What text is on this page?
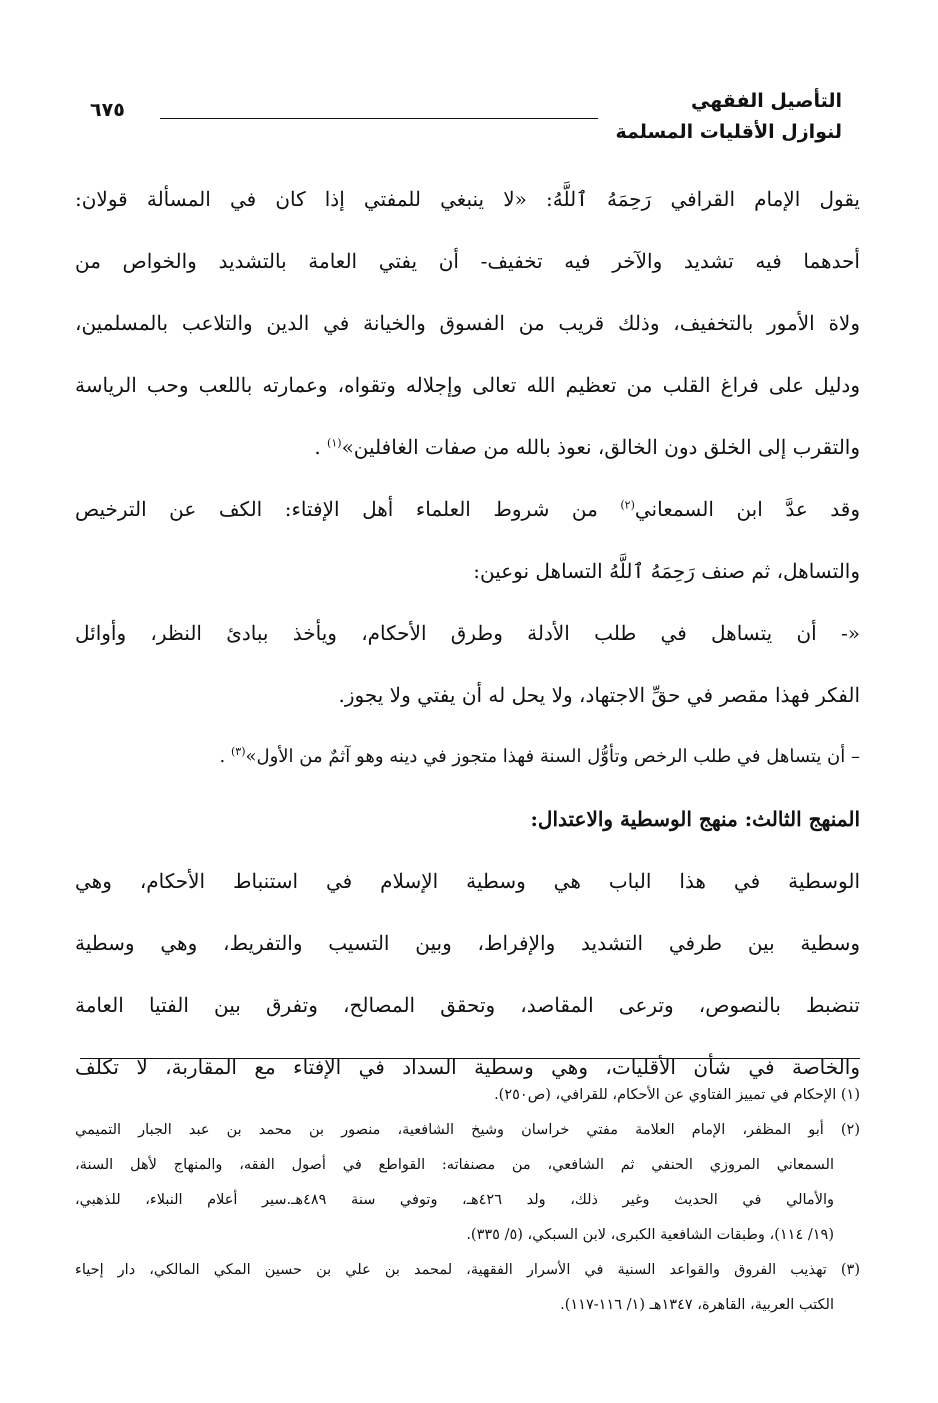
التأصيل الفقهي
لنوازل الأقليات المسلمة
٦٧٥
يقول الإمام القرافي رَحِمَهُ ٱللَّهُ: «لا ينبغي للمفتي إذا كان في المسألة قولان:
أحدهما فيه تشديد والآخر فيه تخفيف- أن يفتي العامة بالتشديد والخواص من
ولاة الأمور بالتخفيف، وذلك قريب من الفسوق والخيانة في الدين والتلاعب بالمسلمين،
ودليل على فراغ القلب من تعظيم الله تعالى وإجلاله وتقواه، وعمارته باللعب وحب الرياسة
والتقرب إلى الخلق دون الخالق، نعوذ بالله من صفات الغافلين»$^{(١)}$ .
وقد عدَّ ابن السمعاني$^{(٢)}$ من شروط العلماء أهل الإفتاء: الكف عن الترخيص
والتساهل، ثم صنف رَحِمَهُ ٱللَّهُ التساهل نوعين:
«- أن يتساهل في طلب الأدلة وطرق الأحكام، ويأخذ ببادئ النظر، وأوائل
الفكر فهذا مقصر في حقِّ الاجتهاد، ولا يحل له أن يفتي ولا يجوز.
– أن يتساهل في طلب الرخص وتأوُّل السنة فهذا متجوز في دينه وهو آثمٌ من الأول»$^{(٣)}$ .
المنهج الثالث: منهج الوسطية والاعتدال:
الوسطية في هذا الباب هي وسطية الإسلام في استنباط الأحكام، وهي
وسطية بين طرفي التشديد والإفراط، وبين التسيب والتفريط، وهي وسطية
تنضبط بالنصوص، وترعى المقاصد، وتحقق المصالح، وتفرق بين الفتيا العامة
والخاصة في شأن الأقليات، وهي وسطية السداد في الإفتاء مع المقاربة، لا تكلف
(١) الإحكام في تمييز الفتاوي عن الأحكام، للقرافي، (ص٢٥٠).
(٢) أبو المظفر، الإمام العلامة مفتي خراسان وشيخ الشافعية، منصور بن محمد بن عبد الجبار التميمي
السمعاني المروزي الحنفي ثم الشافعي، من مصنفاته: القواطع في أصول الفقه، والمنهاج لأهل السنة،
والأمالي في الحديث وغير ذلك، ولد ٤٢٦هـ، وتوفي سنة ٤٨٩هـ.سير أعلام النبلاء، للذهبي،
(١٩/ ١١٤)، وطبقات الشافعية الكبرى، لابن السبكي، (٥/ ٣٣٥).
(٣) تهذيب الفروق والقواعد السنية في الأسرار الفقهية، لمحمد بن علي بن حسين المكي المالكي، دار إحياء
الكتب العربية، القاهرة، ١٣٤٧هـ (١/ ١١٦-١١٧).
